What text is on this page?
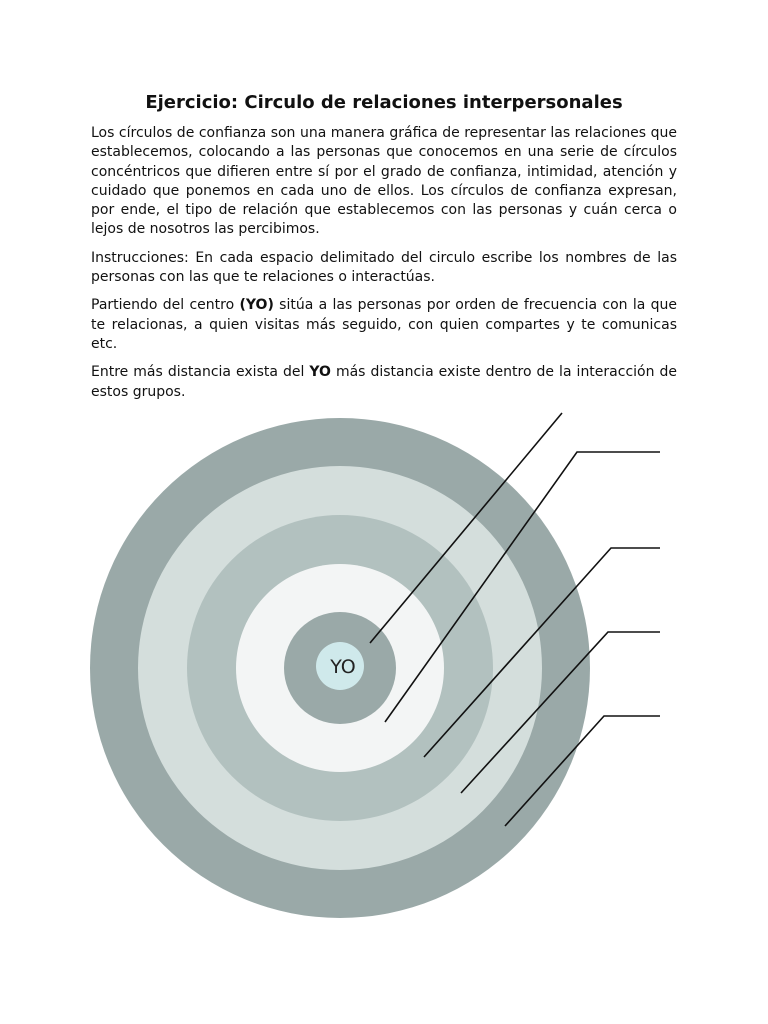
Ejercicio: Circulo de relaciones interpersonales

Los círculos de confianza son una manera gráfica de representar las relaciones que establecemos, colocando a las personas que conocemos en una serie de círculos concéntricos que difieren entre sí por el grado de confianza, intimidad, atención y cuidado que ponemos en cada uno de ellos. Los círculos de confianza expresan, por ende, el tipo de relación que establecemos con las personas y cuán cerca o lejos de nosotros las percibimos.

Instrucciones: En cada espacio delimitado del circulo escribe los nombres de las personas con las que te relaciones o interactúas.

Partiendo del centro (YO) sitúa a las personas por orden de frecuencia con la que te relacionas, a quien visitas más seguido, con quien compartes y te comunicas etc.

Entre más distancia exista del YO más distancia existe dentro de la interacción de estos grupos.

YO
